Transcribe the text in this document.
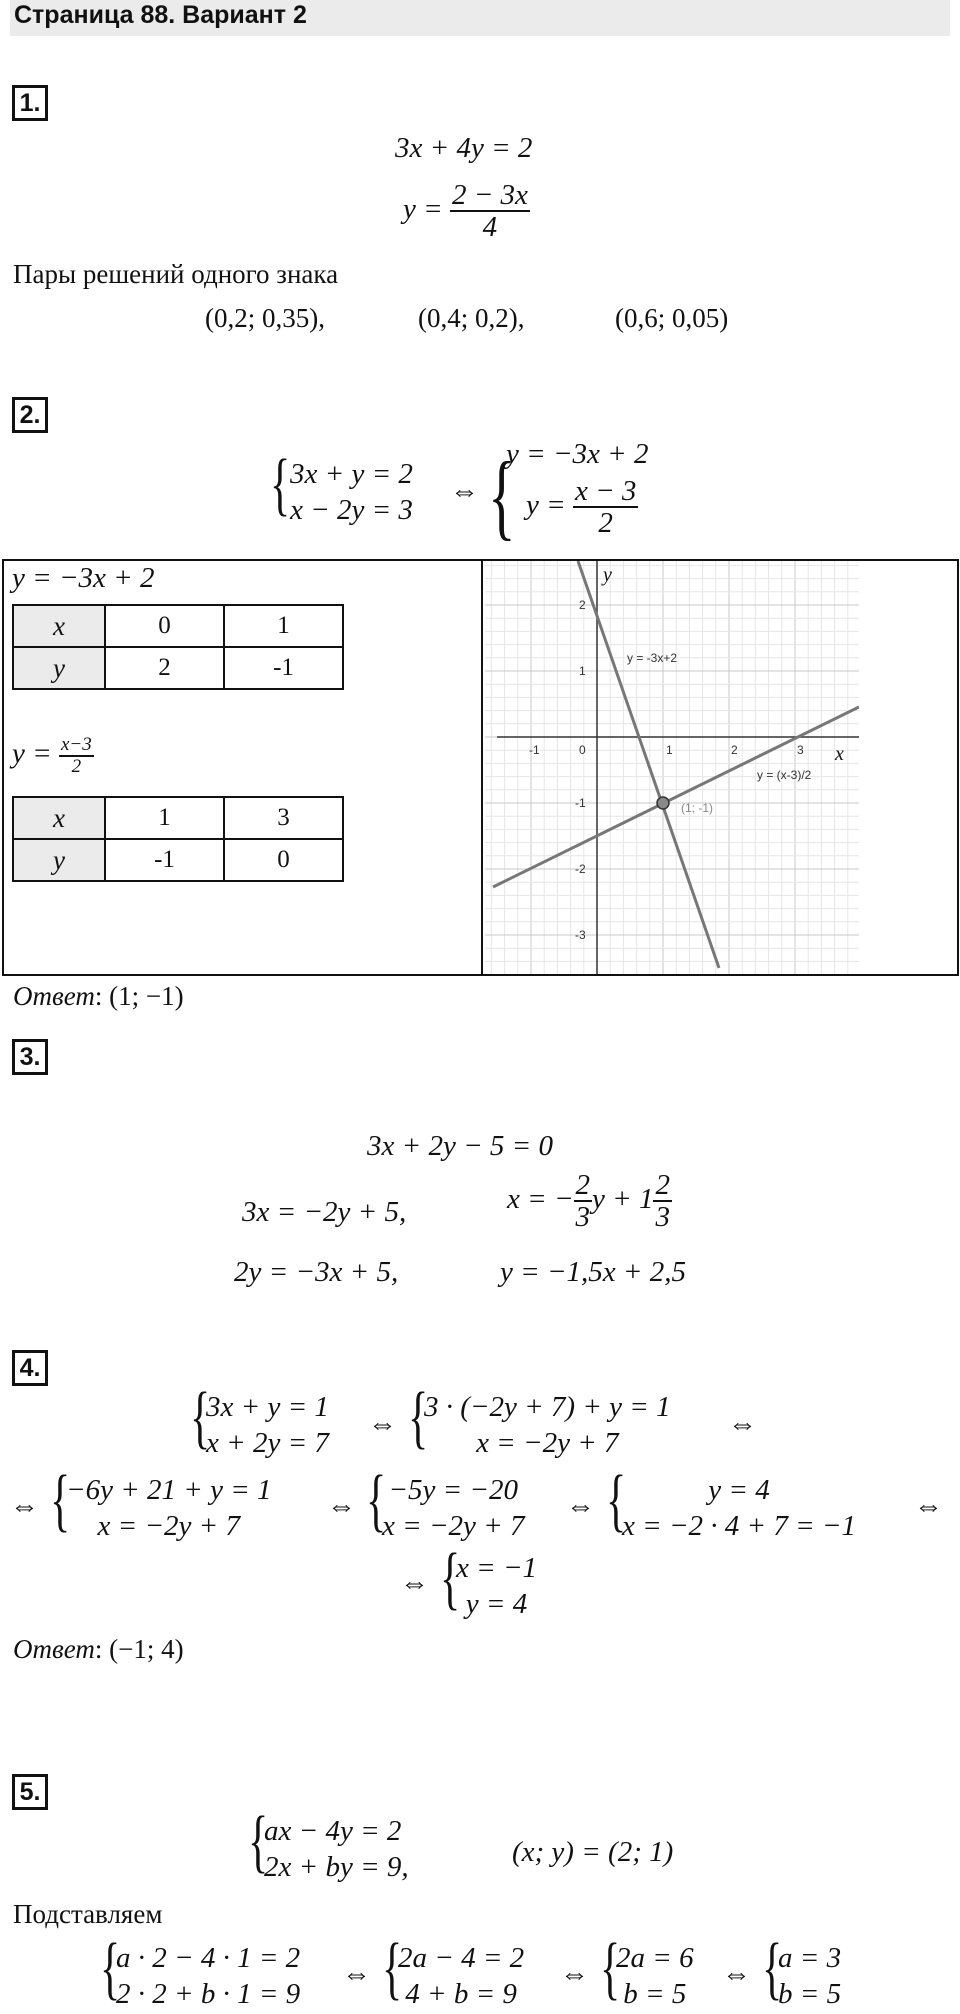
Страница 88. Вариант 2
1.
3x + 4y = 2
$y = \frac{2 - 3x}{4}$
Пары решений одного знака
(0,2; 0,35),	(0,4; 0,2),	(0,6; 0,05)
2.
{ 3x + y = 2
x − 2y = 3
⇔ {
y = −3x + 2
$y = \frac{x - 3}{2}$
y = −3x + 2
x	0	1
y	2	-1
$y = \frac{x-3}{2}$
x	1	3
y	-1	0
-1	0	1	2	3
2
1
-1
-2
-3
y = -3x+2
y = (x-3)/2
(1; -1)
x
y
Ответ: (1; −1)
3.
3x + 2y − 5 = 0
3x = −2y + 5,	x = − $\frac{2}{3}$ $y + 1 \frac{2}{3}$
2y = −3x + 5,	y = −1,5x + 2,5
4.
{
3x + y = 1
x + 2y = 7
⇔ {
3 · (−2y + 7) + y = 1
x = −2y + 7
⇔
⇔ {
−6y + 21 + y = 1
x = −2y + 7
⇔ { −5y = −20
x = −2y + 7
⇔ {	y = 4
x = −2 · 4 + 7 = −1
⇔
⇔ {
x = −1
y = 4
Ответ: (−1; 4)
5.
{
ax − 4y = 2
2x + by = 9,	(x; y) = (2; 1)
Подставляем
{
a · 2 − 4 · 1 = 2
2 · 2 + b · 1 = 9
⇔ {
2a − 4 = 2
4 + b = 9
⇔ {
2a = 6
b = 5
⇔ {
a = 3
b = 5
